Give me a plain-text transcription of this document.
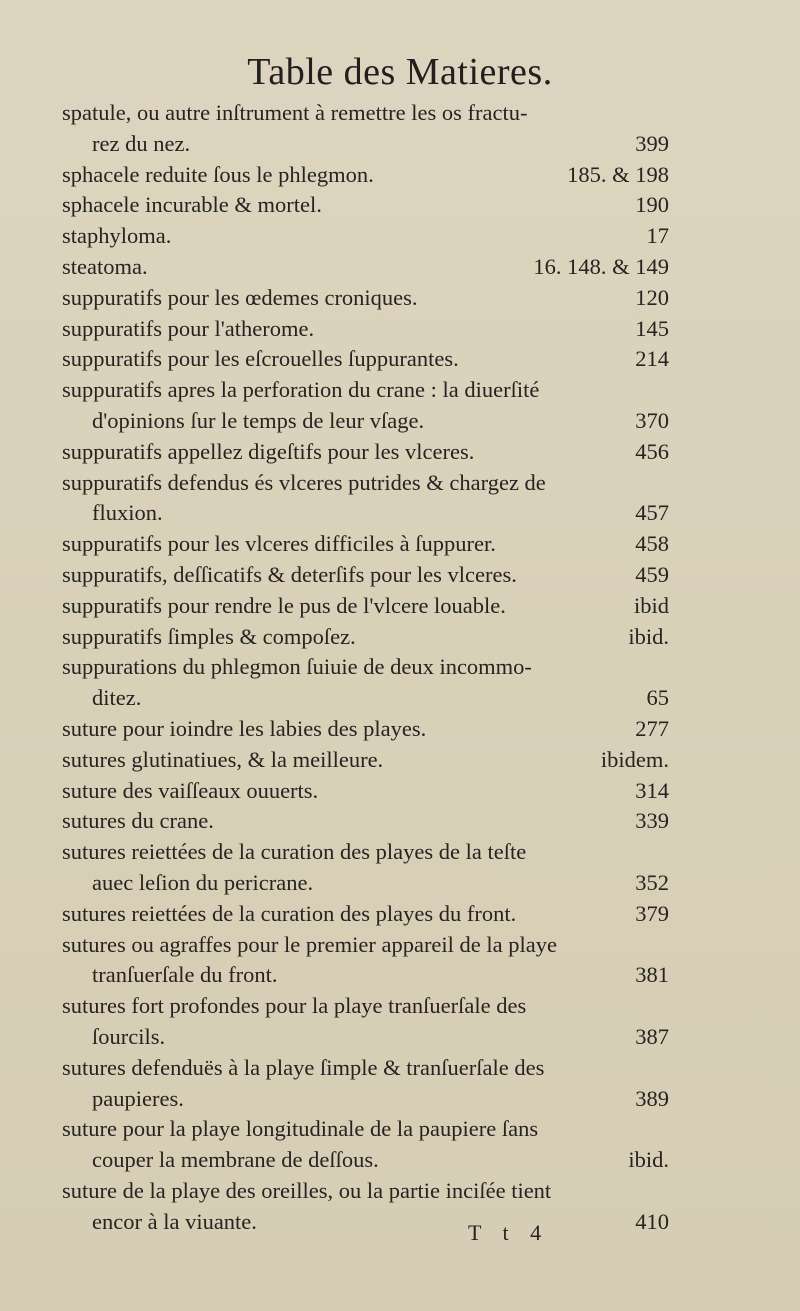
Table des Matieres.
spatule, ou autre inſtrument à remettre les os fractu-
rez du nez.	399
sphacele reduite ſous le phlegmon.	185. & 198
sphacele incurable & mortel.	190
staphyloma.	17
steatoma.	16. 148. & 149
suppuratifs pour les œdemes croniques.	120
suppuratifs pour l'atherome.	145
suppuratifs pour les eſcrouelles ſuppurantes.	214
suppuratifs apres la perforation du crane : la diuerſité
d'opinions ſur le temps de leur vſage.	370
suppuratifs appellez digeſtifs pour les vlceres.	456
suppuratifs defendus és vlceres putrides & chargez de
fluxion.	457
suppuratifs pour les vlceres difficiles à ſuppurer.	458
suppuratifs, deſſicatifs & deterſifs pour les vlceres.	459
suppuratifs pour rendre le pus de l'vlcere louable.	ibid
suppuratifs ſimples & compoſez.	ibid.
suppurations du phlegmon ſuiuie de deux incommo-
ditez.	65
suture pour ioindre les labies des playes.	277
sutures glutinatiues, & la meilleure.	ibidem.
suture des vaiſſeaux ouuerts.	314
sutures du crane.	339
sutures reiettées de la curation des playes de la teſte
auec leſion du pericrane.	352
sutures reiettées de la curation des playes du front.	379
sutures ou agraffes pour le premier appareil de la playe
tranſuerſale du front.	381
sutures fort profondes pour la playe tranſuerſale des
ſourcils.	387
sutures defenduës à la playe ſimple & tranſuerſale des
paupieres.	389
suture pour la playe longitudinale de la paupiere ſans
couper la membrane de deſſous.	ibid.
suture de la playe des oreilles, ou la partie inciſée tient
encor à la viuante.	410
T t 4
